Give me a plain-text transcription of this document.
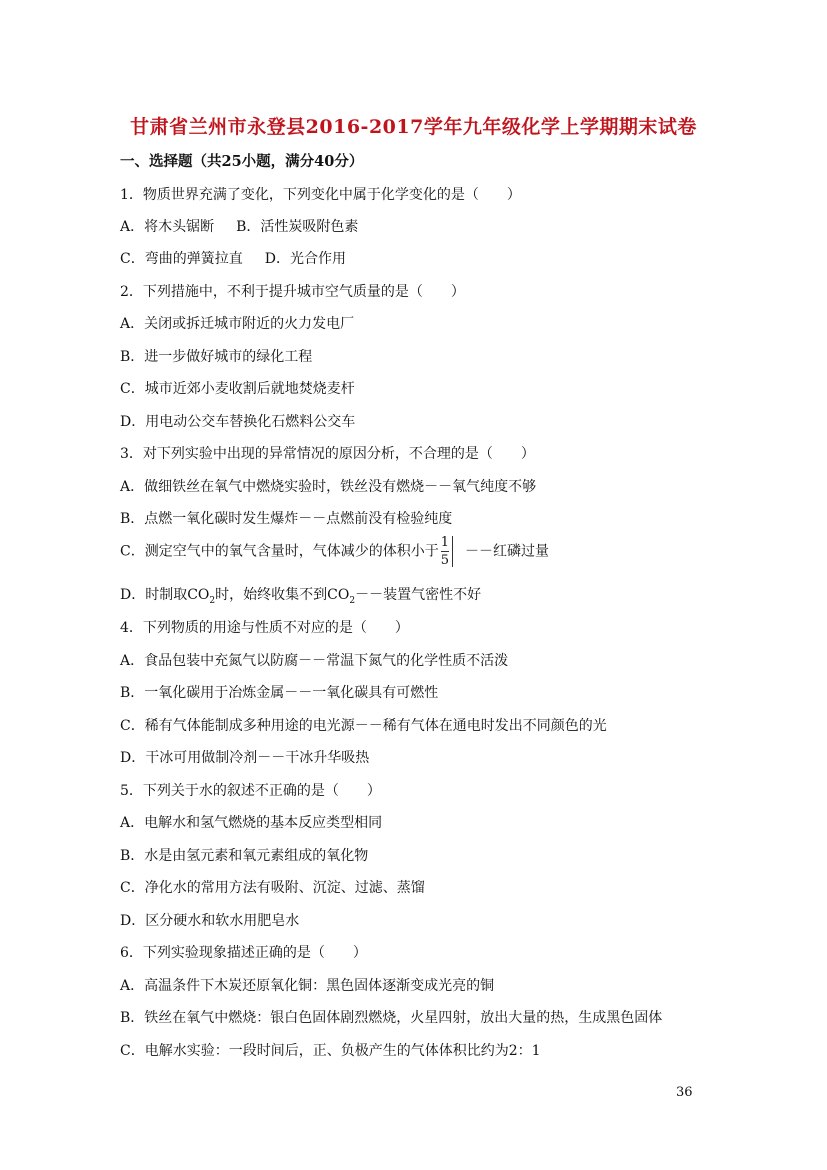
甘肃省兰州市永登县2016-2017学年九年级化学上学期期末试卷
一、选择题（共25小题，满分40分）
1．物质世界充满了变化，下列变化中属于化学变化的是（　　）
A．将木头锯断 B．活性炭吸附色素
C．弯曲的弹簧拉直 D．光合作用
2．下列措施中，不利于提升城市空气质量的是（　　）
A．关闭或拆迁城市附近的火力发电厂
B．进一步做好城市的绿化工程
C．城市近郊小麦收割后就地焚烧麦杆
D．用电动公交车替换化石燃料公交车
3．对下列实验中出现的异常情况的原因分析，不合理的是（　　）
A．做细铁丝在氧气中燃烧实验时，铁丝没有燃烧－－氧气纯度不够
B．点燃一氧化碳时发生爆炸－－点燃前没有检验纯度
C．测定空气中的氧气含量时，气体减少的体积小于 $\frac{1}{5}$ －－红磷过量
D．时制取$CO_2$时，始终收集不到$CO_2--$装置气密性不好
4．下列物质的用途与性质不对应的是（　　）
A．食品包装中充氮气以防腐－－常温下氮气的化学性质不活泼
B．一氧化碳用于冶炼金属－－一氧化碳具有可燃性
C．稀有气体能制成多种用途的电光源－－稀有气体在通电时发出不同颜色的光
D．干冰可用做制冷剂－－干冰升华吸热
5．下列关于水的叙述不正确的是（　　）
A．电解水和氢气燃烧的基本反应类型相同
B．水是由氢元素和氧元素组成的氧化物
C．净化水的常用方法有吸附、沉淀、过滤、蒸馏
D．区分硬水和软水用肥皂水
6．下列实验现象描述正确的是（　　）
A．高温条件下木炭还原氧化铜：黑色固体逐渐变成光亮的铜
B．铁丝在氧气中燃烧：银白色固体剧烈燃烧，火星四射，放出大量的热，生成黑色固体
C．电解水实验：一段时间后，正、负极产生的气体体积比约为2：1
36
